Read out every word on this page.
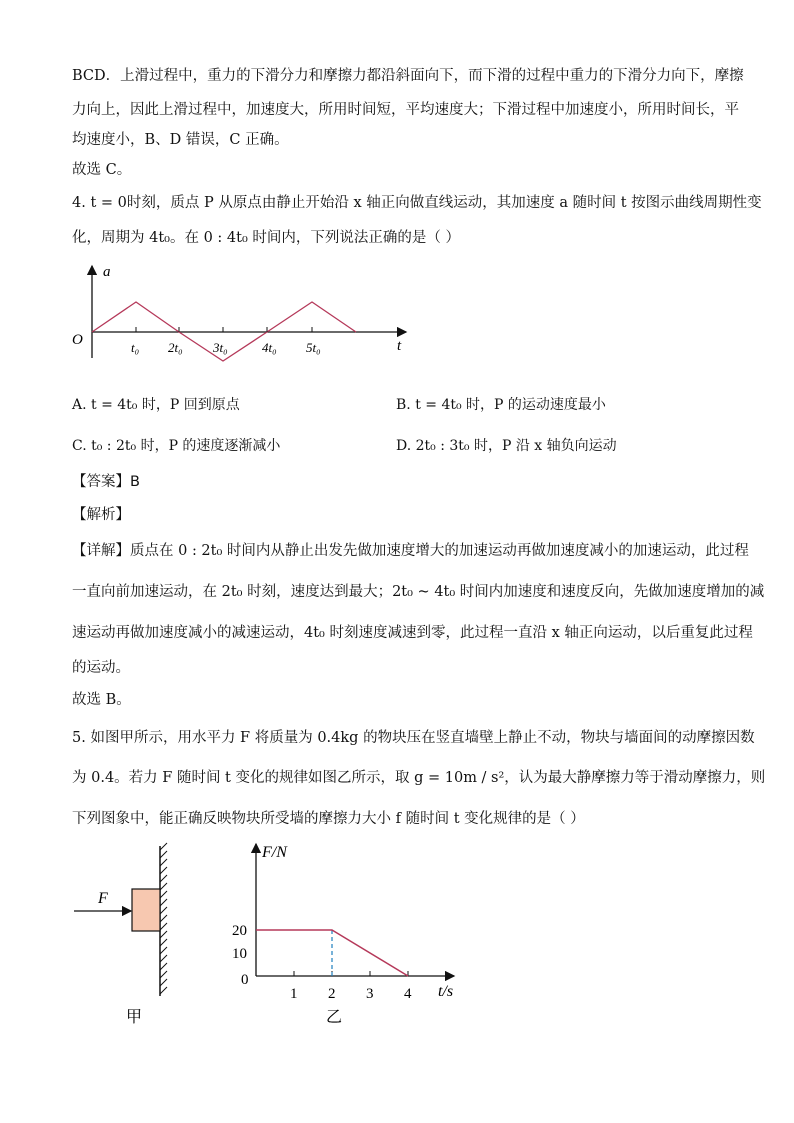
BCD．上滑过程中，重力的下滑分力和摩擦力都沿斜面向下，而下滑的过程中重力的下滑分力向下，摩擦
力向上，因此上滑过程中，加速度大，所用时间短，平均速度大；下滑过程中加速度小，所用时间长，平
均速度小，B、D 错误，C 正确。
故选 C。
4. t = 0时刻，质点 P 从原点由静止开始沿 x 轴正向做直线运动，其加速度 a 随时间 t 按图示曲线周期性变
化，周期为 4t₀。在 0 : 4t₀ 时间内，下列说法正确的是（ ）
a
t
O	t₀ 2t₀ 3t₀	4t₀ 5t₀
A. t = 4t₀ 时，P 回到原点	B. t = 4t₀ 时，P 的运动速度最小
C. t₀ : 2t₀ 时，P 的速度逐渐减小	D. 2t₀ : 3t₀ 时，P 沿 x 轴负向运动
【答案】B
【解析】
【详解】质点在 0 : 2t₀ 时间内从静止出发先做加速度增大的加速运动再做加速度减小的加速运动，此过程
一直向前加速运动，在 2t₀ 时刻，速度达到最大；2t₀ ~ 4t₀ 时间内加速度和速度反向，先做加速度增加的减
速运动再做加速度减小的减速运动，4t₀ 时刻速度减速到零，此过程一直沿 x 轴正向运动，以后重复此过程
的运动。
故选 B。
5. 如图甲所示，用水平力 F 将质量为 0.4kg 的物块压在竖直墙壁上静止不动，物块与墙面间的动摩擦因数
为 0.4。若力 F 随时间 t 变化的规律如图乙所示，取 g = 10m / s²，认为最大静摩擦力等于滑动摩擦力，则
下列图象中，能正确反映物块所受墙的摩擦力大小 f 随时间 t 变化规律的是（ ）
F
甲
1 2 3 4
10
20
F/N
t/s
0
乙
